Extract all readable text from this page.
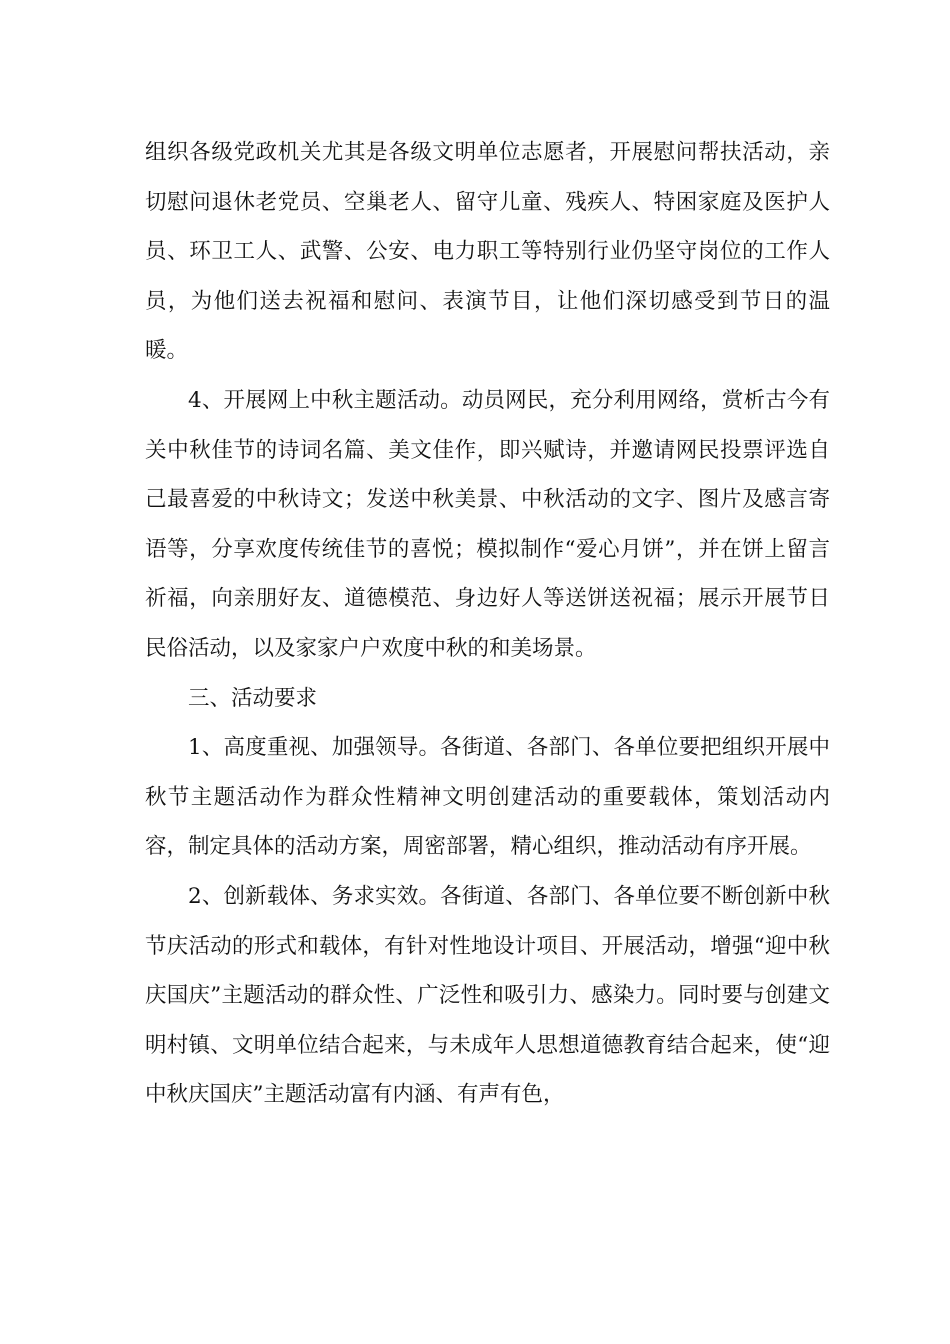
组织各级党政机关尤其是各级文明单位志愿者，开展慰问帮扶活动，亲切慰问退休老党员、空巢老人、留守儿童、残疾人、特困家庭及医护人员、环卫工人、武警、公安、电力职工等特别行业仍坚守岗位的工作人员，为他们送去祝福和慰问、表演节目，让他们深切感受到节日的温暖。

4、开展网上中秋主题活动。动员网民，充分利用网络，赏析古今有关中秋佳节的诗词名篇、美文佳作，即兴赋诗，并邀请网民投票评选自己最喜爱的中秋诗文；发送中秋美景、中秋活动的文字、图片及感言寄语等，分享欢度传统佳节的喜悦；模拟制作“爱心月饼”，并在饼上留言祈福，向亲朋好友、道德模范、身边好人等送饼送祝福；展示开展节日民俗活动，以及家家户户欢度中秋的和美场景。

三、活动要求

1、高度重视、加强领导。各街道、各部门、各单位要把组织开展中秋节主题活动作为群众性精神文明创建活动的重要载体，策划活动内容，制定具体的活动方案，周密部署，精心组织，推动活动有序开展。

2、创新载体、务求实效。各街道、各部门、各单位要不断创新中秋节庆活动的形式和载体，有针对性地设计项目、开展活动，增强“迎中秋庆国庆”主题活动的群众性、广泛性和吸引力、感染力。同时要与创建文明村镇、文明单位结合起来，与未成年人思想道德教育结合起来，使“迎中秋庆国庆”主题活动富有内涵、有声有色，
